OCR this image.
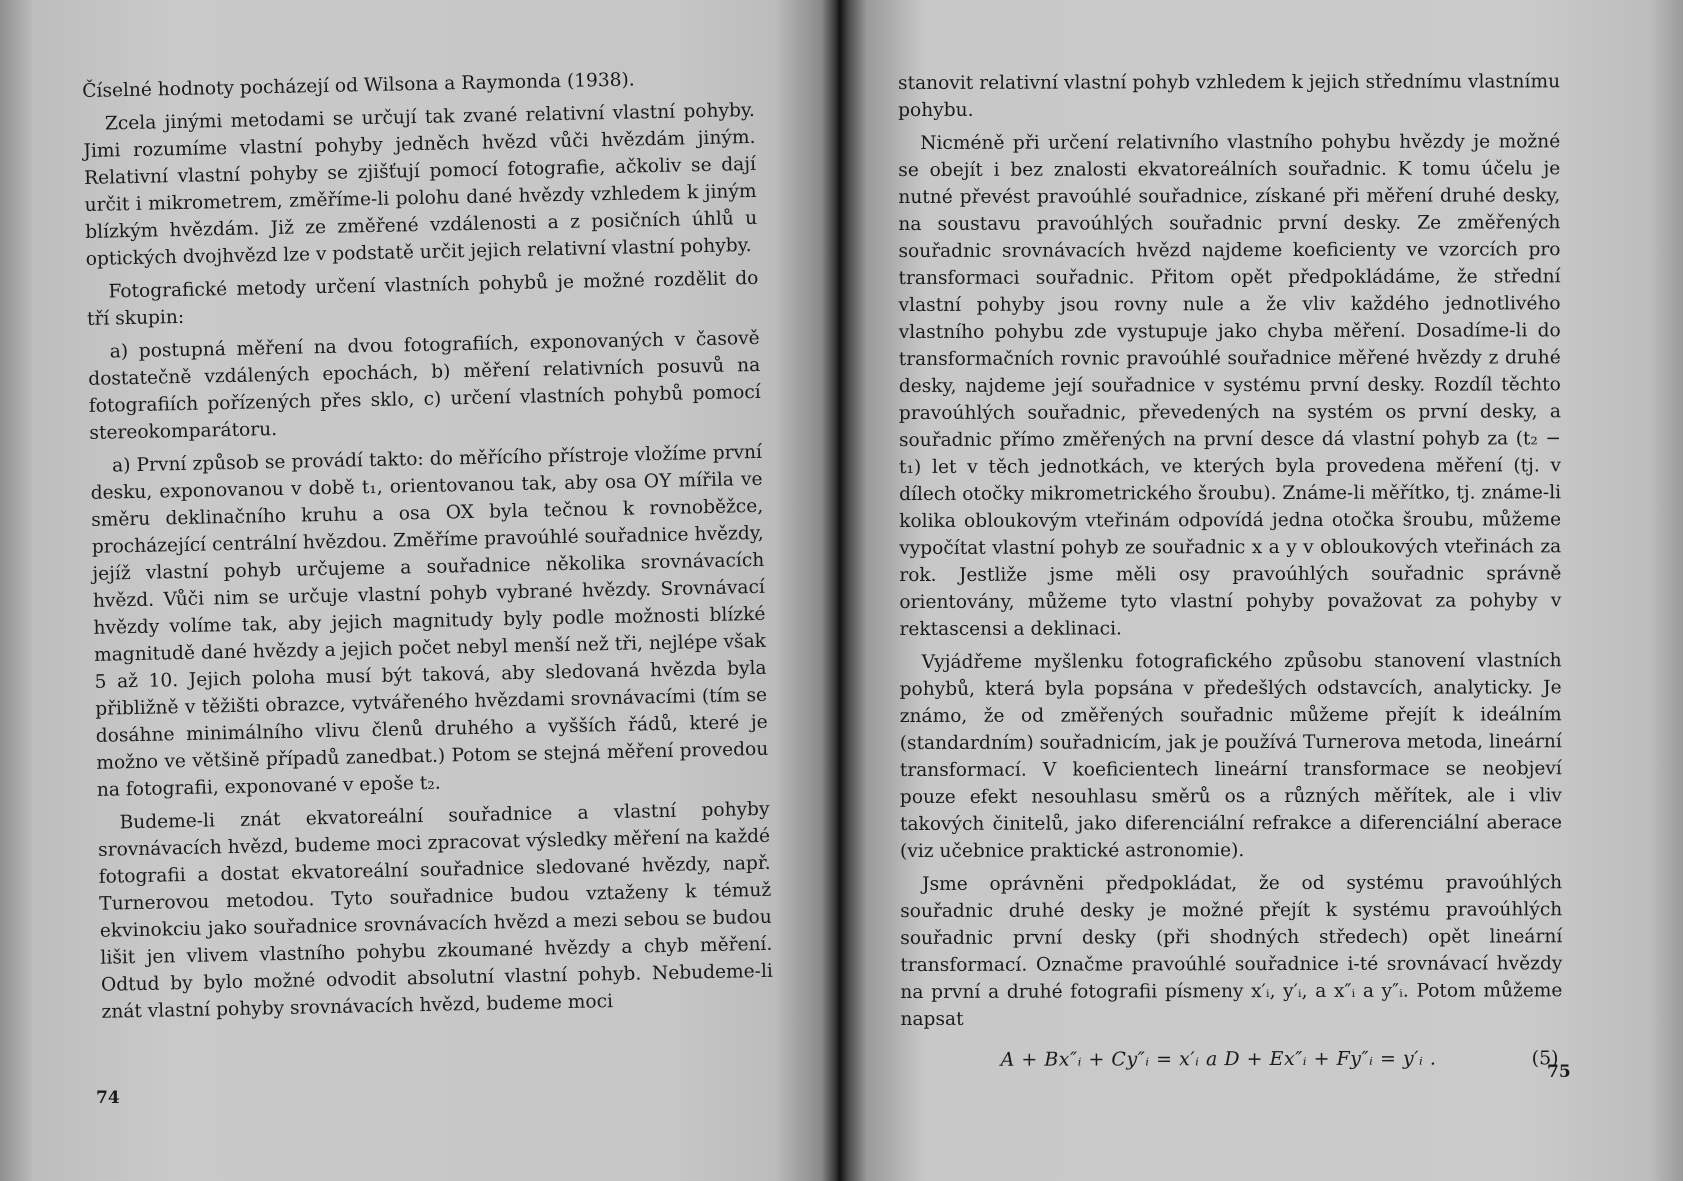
Číselné hodnoty pocházejí od Wilsona a Raymonda (1938).

Zcela jinými metodami se určují tak zvané relativní vlastní pohyby. Jimi rozumíme vlastní pohyby jedněch hvězd vůči hvězdám jiným. Relativní vlastní pohyby se zjišťují pomocí fotografie, ačkoliv se dají určit i mikrometrem, změříme-li polohu dané hvězdy vzhledem k jiným blízkým hvězdám. Již ze změřené vzdálenosti a z posičních úhlů u optických dvojhvězd lze v podstatě určit jejich relativní vlastní pohyby.

Fotografické metody určení vlastních pohybů je možné rozdělit do tří skupin:

a) postupná měření na dvou fotografiích, exponovaných v časově dostatečně vzdálených epochách, b) měření relativních posuvů na fotografiích pořízených přes sklo, c) určení vlastních pohybů pomocí stereokomparátoru.

a) První způsob se provádí takto: do měřícího přístroje vložíme první desku, exponovanou v době t₁, orientovanou tak, aby osa OY mířila ve směru deklinačního kruhu a osa OX byla tečnou k rovnoběžce, procházející centrální hvězdou. Změříme pravoúhlé souřadnice hvězdy, jejíž vlastní pohyb určujeme a souřadnice několika srovnávacích hvězd. Vůči nim se určuje vlastní pohyb vybrané hvězdy. Srovnávací hvězdy volíme tak, aby jejich magnitudy byly podle možnosti blízké magnitudě dané hvězdy a jejich počet nebyl menší než tři, nejlépe však 5 až 10. Jejich poloha musí být taková, aby sledovaná hvězda byla přibližně v těžišti obrazce, vytvářeného hvězdami srovnávacími (tím se dosáhne minimálního vlivu členů druhého a vyšších řádů, které je možno ve většině případů zanedbat.) Potom se stejná měření provedou na fotografii, exponované v epoše t₂.

Budeme-li znát ekvatoreální souřadnice a vlastní pohyby srovnávacích hvězd, budeme moci zpracovat výsledky měření na každé fotografii a dostat ekvatoreální souřadnice sledované hvězdy, např. Turnerovou metodou. Tyto souřadnice budou vztaženy k témuž ekvinokciu jako souřadnice srovnávacích hvězd a mezi sebou se budou lišit jen vlivem vlastního pohybu zkoumané hvězdy a chyb měření. Odtud by bylo možné odvodit absolutní vlastní pohyb. Nebudeme-li znát vlastní pohyby srovnávacích hvězd, budeme moci

74

stanovit relativní vlastní pohyb vzhledem k jejich střednímu vlastnímu pohybu.

Nicméně při určení relativního vlastního pohybu hvězdy je možné se obejít i bez znalosti ekvatoreálních souřadnic. K tomu účelu je nutné převést pravoúhlé souřadnice, získané při měření druhé desky, na soustavu pravoúhlých souřadnic první desky. Ze změřených souřadnic srovnávacích hvězd najdeme koeficienty ve vzorcích pro transformaci souřadnic. Přitom opět předpokládáme, že střední vlastní pohyby jsou rovny nule a že vliv každého jednotlivého vlastního pohybu zde vystupuje jako chyba měření. Dosadíme-li do transformačních rovnic pravoúhlé souřadnice měřené hvězdy z druhé desky, najdeme její souřadnice v systému první desky. Rozdíl těchto pravoúhlých souřadnic, převedených na systém os první desky, a souřadnic přímo změřených na první desce dá vlastní pohyb za (t₂ − t₁) let v těch jednotkách, ve kterých byla provedena měření (tj. v dílech otočky mikrometrického šroubu). Známe-li měřítko, tj. známe-li kolika obloukovým vteřinám odpovídá jedna otočka šroubu, můžeme vypočítat vlastní pohyb ze souřadnic x a y v obloukových vteřinách za rok. Jestliže jsme měli osy pravoúhlých souřadnic správně orientovány, můžeme tyto vlastní pohyby považovat za pohyby v rektascensi a deklinaci.

Vyjádřeme myšlenku fotografického způsobu stanovení vlastních pohybů, která byla popsána v předešlých odstavcích, analyticky. Je známo, že od změřených souřadnic můžeme přejít k ideálním (standardním) souřadnicím, jak je používá Turnerova metoda, lineární transformací. V koeficientech lineární transformace se neobjeví pouze efekt nesouhlasu směrů os a různých měřítek, ale i vliv takových činitelů, jako diferenciální refrakce a diferenciální aberace (viz učebnice praktické astronomie).

Jsme oprávněni předpokládat, že od systému pravoúhlých souřadnic druhé desky je možné přejít k systému pravoúhlých souřadnic první desky (při shodných středech) opět lineární transformací. Označme pravoúhlé souřadnice i-té srovnávací hvězdy na první a druhé fotografii písmeny x′ᵢ, y′ᵢ, a x″ᵢ a y″ᵢ. Potom můžeme napsat

A + Bx″ᵢ + Cy″ᵢ = x′ᵢ a D + Ex″ᵢ + Fy″ᵢ = y′ᵢ .	(5)
75
